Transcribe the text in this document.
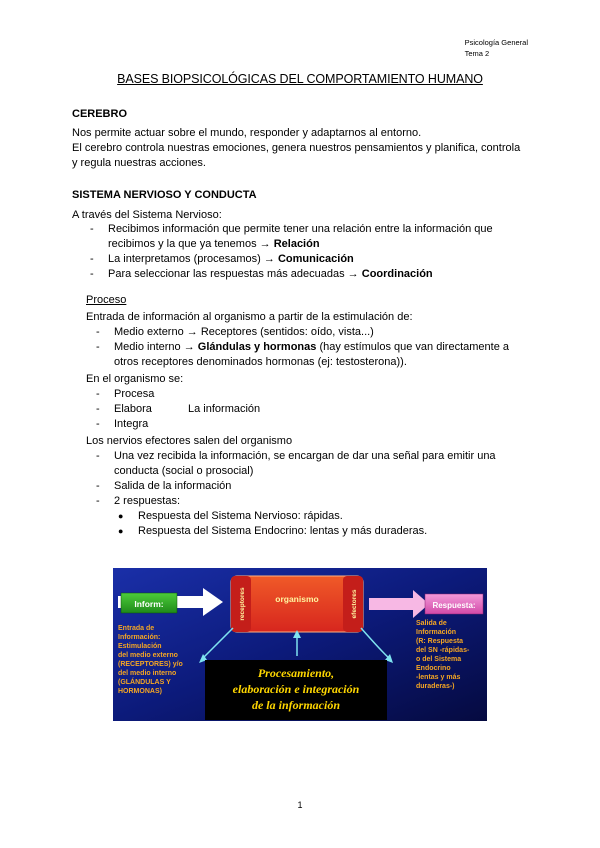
Psicología General
Tema 2
BASES BIOPSICOLÓGICAS DEL COMPORTAMIENTO HUMANO
CEREBRO
Nos permite actuar sobre el mundo, responder y adaptarnos al entorno.
El cerebro controla nuestras emociones, genera nuestros pensamientos y planifica, controla
y regula nuestras acciones.
SISTEMA NERVIOSO Y CONDUCTA
A través del Sistema Nervioso:
- Recibimos información que permite tener una relación entre la información que
recibimos y la que ya tenemos → Relación
- La interpretamos (procesamos) → Comunicación
- Para seleccionar las respuestas más adecuadas → Coordinación
Proceso
Entrada de información al organismo a partir de la estimulación de:
- Medio externo → Receptores (sentidos: oído, vista...)
- Medio interno → Glándulas y hormonas (hay estímulos que van directamente a
otros receptores denominados hormonas (ej: testosterona)).
En el organismo se:
- Procesa
- Elabora	La información
- Integra
Los nervios efectores salen del organismo
- Una vez recibida la información, se encargan de dar una señal para emitir una
conducta (social o prosocial)
- Salida de la información
- 2 respuestas:
● Respuesta del Sistema Nervioso: rápidas.
● Respuesta del Sistema Endocrino: lentas y más duraderas.
Inform:	organismo
receptores	efectores	Respuesta:
Entrada de
Información:
Estimulación
del medio externo
(RECEPTORES) y/o
del medio interno
(GLÁNDULAS Y
HORMONAS)
Salida de
Información
(R: Respuesta
del SN -rápidas-
o del Sistema
Endocrino
-lentas y más
duraderas-)
Procesamiento,
elaboración e integración
de la información
1
